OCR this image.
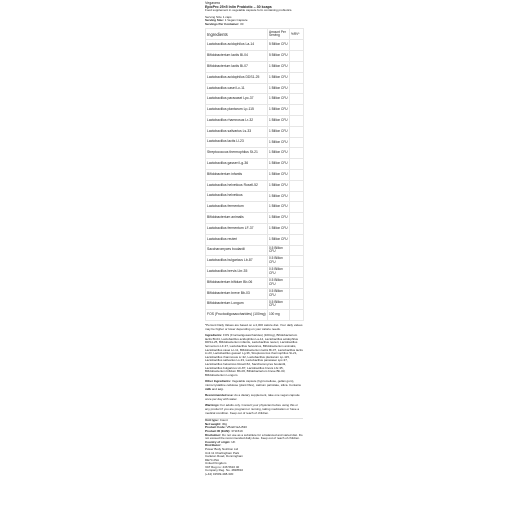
Vegavero
EpicPro 25×5 Inlin Probiotic – 30 kcaps
Food supplement in vegetable capsule form containing probiotics.
Serving Size 1 caps
Serving Size: 1 Vegan Capsule
Servings Per Container: 30
Ingredients	Amount Per Serving	%RV*
Lactobacillus acidophilus La-14	5 Billion CFU	
Bifidobacterium lactis Bl-04	5 Billion CFU	
Bifidobacterium lactis Bi-07	1 Billion CFU	
Lactobacillus acidophilus DDS1-25	1 Billion CFU	
Lactobacillus casei Lc-11	1 Billion CFU	
Lactobacillus paracasei Lpc-37	1 Billion CFU	
Lactobacillus plantarum Lp-115	1 Billion CFU	
Lactobacillus rhamnosus Lr-32	1 Billion CFU	
Lactobacillus salivarius Ls-33	1 Billion CFU	
Lactobacillus lactis Ll-23	1 Billion CFU	
Streptococcus thermophilus St-21	1 Billion CFU	
Lactobacillus gasseri Lg-36	1 Billion CFU	
Bifidobacterium infantis	1 Billion CFU	
Lactobacillus helveticus Rosell-52	1 Billion CFU	
Lactobacillus helveticus	1 Billion CFU	
Lactobacillus fermentum	1 Billion CFU	
Bifidobacterium animalis	1 Billion CFU	
Lactobacillus fermentum LF-37	1 Billion CFU	
Lactobacillus reuteri	1 Billion CFU	
Saccharomyces boulardii	0.5 Billion CFU	
Lactobacillus bulgaricus Lb-87	0.5 Billion CFU	
Lactobacillus brevis Lbr-35	0.5 Billion CFU	
Bifidobacterium bifidum Bb-06	0.5 Billion CFU	
Bifidobacterium breve Bb-03	0.5 Billion CFU	
Bifidobacterium Longum	0.5 Billion CFU	
FOS (Fructooligosaccharides) (100mg)	100 mg	
*Percent Daily Values are based on a 2,000 calorie diet. Your daily values may be higher or lower depending on your calorie needs.
Ingredients: FOS (Fructooligosaccharides) (100mg), Bifidobacterium lactis BI-04, Lactobacillus acidophilus La-14, Lactobacillus acidophilus DDS1-25, Bifidobacterium infantis, Lactobacillus reuteri, Lactobacillus fermentum LF-37, Lactobacillus helveticus, Bifidobacterium animalis, Lactobacillus casei Lc-11, Bifidobacterium lactis Bi-07, Lactobacillus lactis Ll-23, Lactobacillus gasseri Lg-36, Streptococcus thermophilus St-21, Lactobacillus rhamnosus Lr-32, Lactobacillus plantarum Lp-115, Lactobacillus salivarius Ls-33, Lactobacillus paracasei Lpc-37, Lactobacillus helveticus Rosell-52, Saccharomyces boulardii, Lactobacillus bulgaricus Lb-87, Lactobacillus brevis Lbr-35, Bifidobacterium bifidum Bb-06, Bifidobacterium breve Bb-03, Bifidobacterium Longum.
Other Ingredients: Vegetable capsule (hypromellose, gellan gum), microcrystalline cellulose (plant fibre), calcium palmitate, silica. Contains milk and soy.
Recommended use: As a dietary supplement, take one vegan capsule once per day with water.
Warnings: For adults only. Consult your physician before using this or any product if you are pregnant or nursing, taking medication or have a medical condition. Keep out of reach of children.
Unit type: Count
Net weight: 30g
Product Code: VB-EP-EA-B30
Product ID (EAN): 3711519
Disclaimer: Do not use as a substitute for a balanced and varied diet. Do not exceed the recommended daily dose. Keep out of reach of children.
Country of origin: UK
Distributor:
Power Body Nutrition Ltd
Unit 11 Charlingham Park
Carleton Road, Dunningham
DE74 2SA
United Kingdom
VAT Reg no: 446 5610 40
Company Reg. No. 4828810
(+44) 01509-498-330
